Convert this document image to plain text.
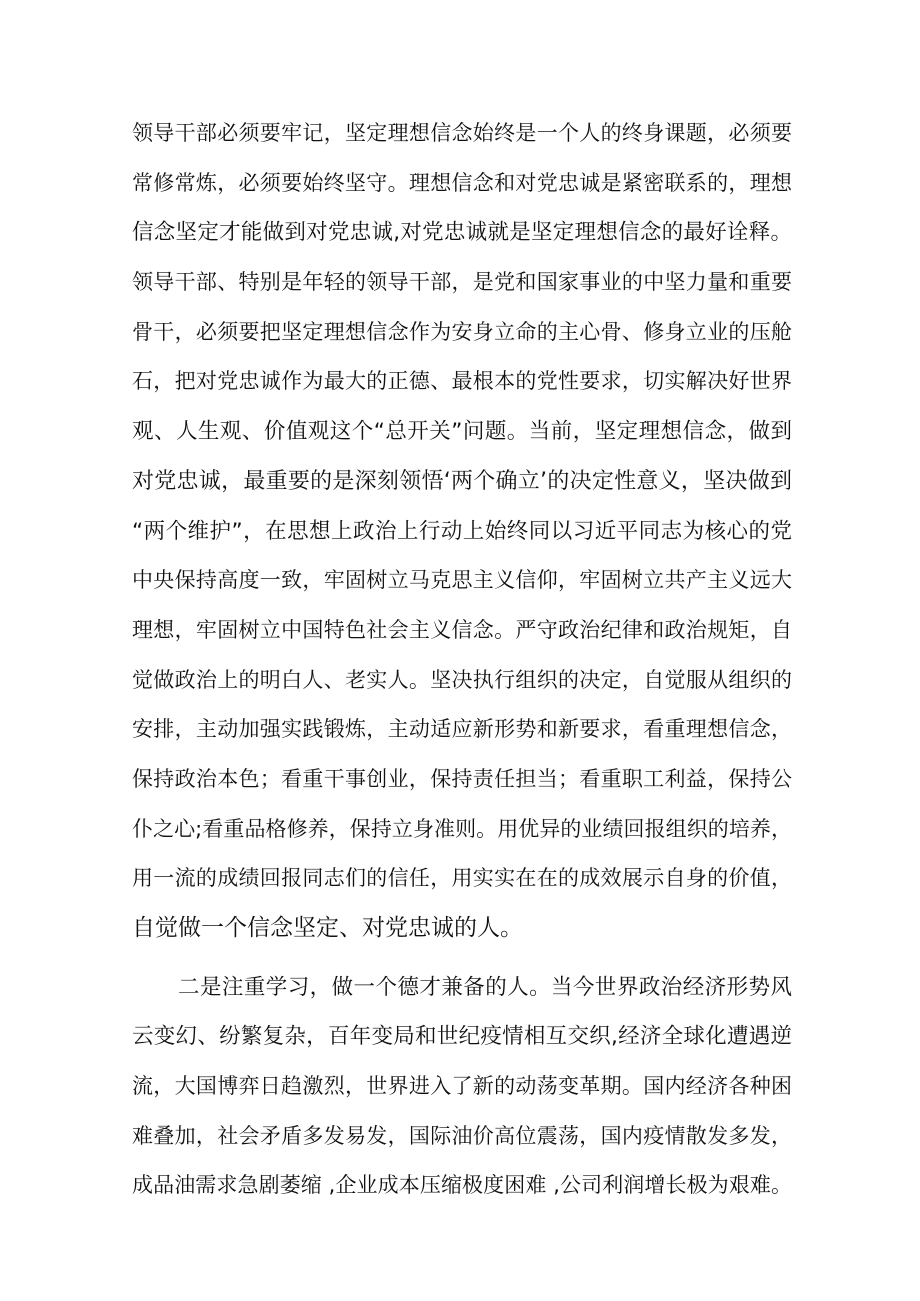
领导干部必须要牢记，坚定理想信念始终是一个人的终身课题，必须要
常修常炼，必须要始终坚守。理想信念和对党忠诚是紧密联系的，理想
信念坚定才能做到对党忠诚,对党忠诚就是坚定理想信念的最好诠释。
领导干部、特别是年轻的领导干部，是党和国家事业的中坚力量和重要
骨干，必须要把坚定理想信念作为安身立命的主心骨、修身立业的压舱
石，把对党忠诚作为最大的正德、最根本的党性要求，切实解决好世界
观、人生观、价值观这个“总开关”问题。当前，坚定理想信念，做到
对党忠诚，最重要的是深刻领悟‘两个确立’的决定性意义，坚决做到
“两个维护”，在思想上政治上行动上始终同以习近平同志为核心的党
中央保持高度一致，牢固树立马克思主义信仰，牢固树立共产主义远大
理想，牢固树立中国特色社会主义信念。严守政治纪律和政治规矩，自
觉做政治上的明白人、老实人。坚决执行组织的决定，自觉服从组织的
安排，主动加强实践锻炼，主动适应新形势和新要求，看重理想信念，
保持政治本色；看重干事创业，保持责任担当；看重职工利益，保持公
仆之心;看重品格修养，保持立身准则。用优异的业绩回报组织的培养，
用一流的成绩回报同志们的信任，用实实在在的成效展示自身的价值，
自觉做一个信念坚定、对党忠诚的人。
二是注重学习，做一个德才兼备的人。当今世界政治经济形势风
云变幻、纷繁复杂，百年变局和世纪疫情相互交织,经济全球化遭遇逆
流，大国博弈日趋激烈，世界进入了新的动荡变革期。国内经济各种困
难叠加，社会矛盾多发易发，国际油价高位震荡，国内疫情散发多发，
成品油需求急剧萎缩 ,企业成本压缩极度困难 ,公司利润增长极为艰难。
